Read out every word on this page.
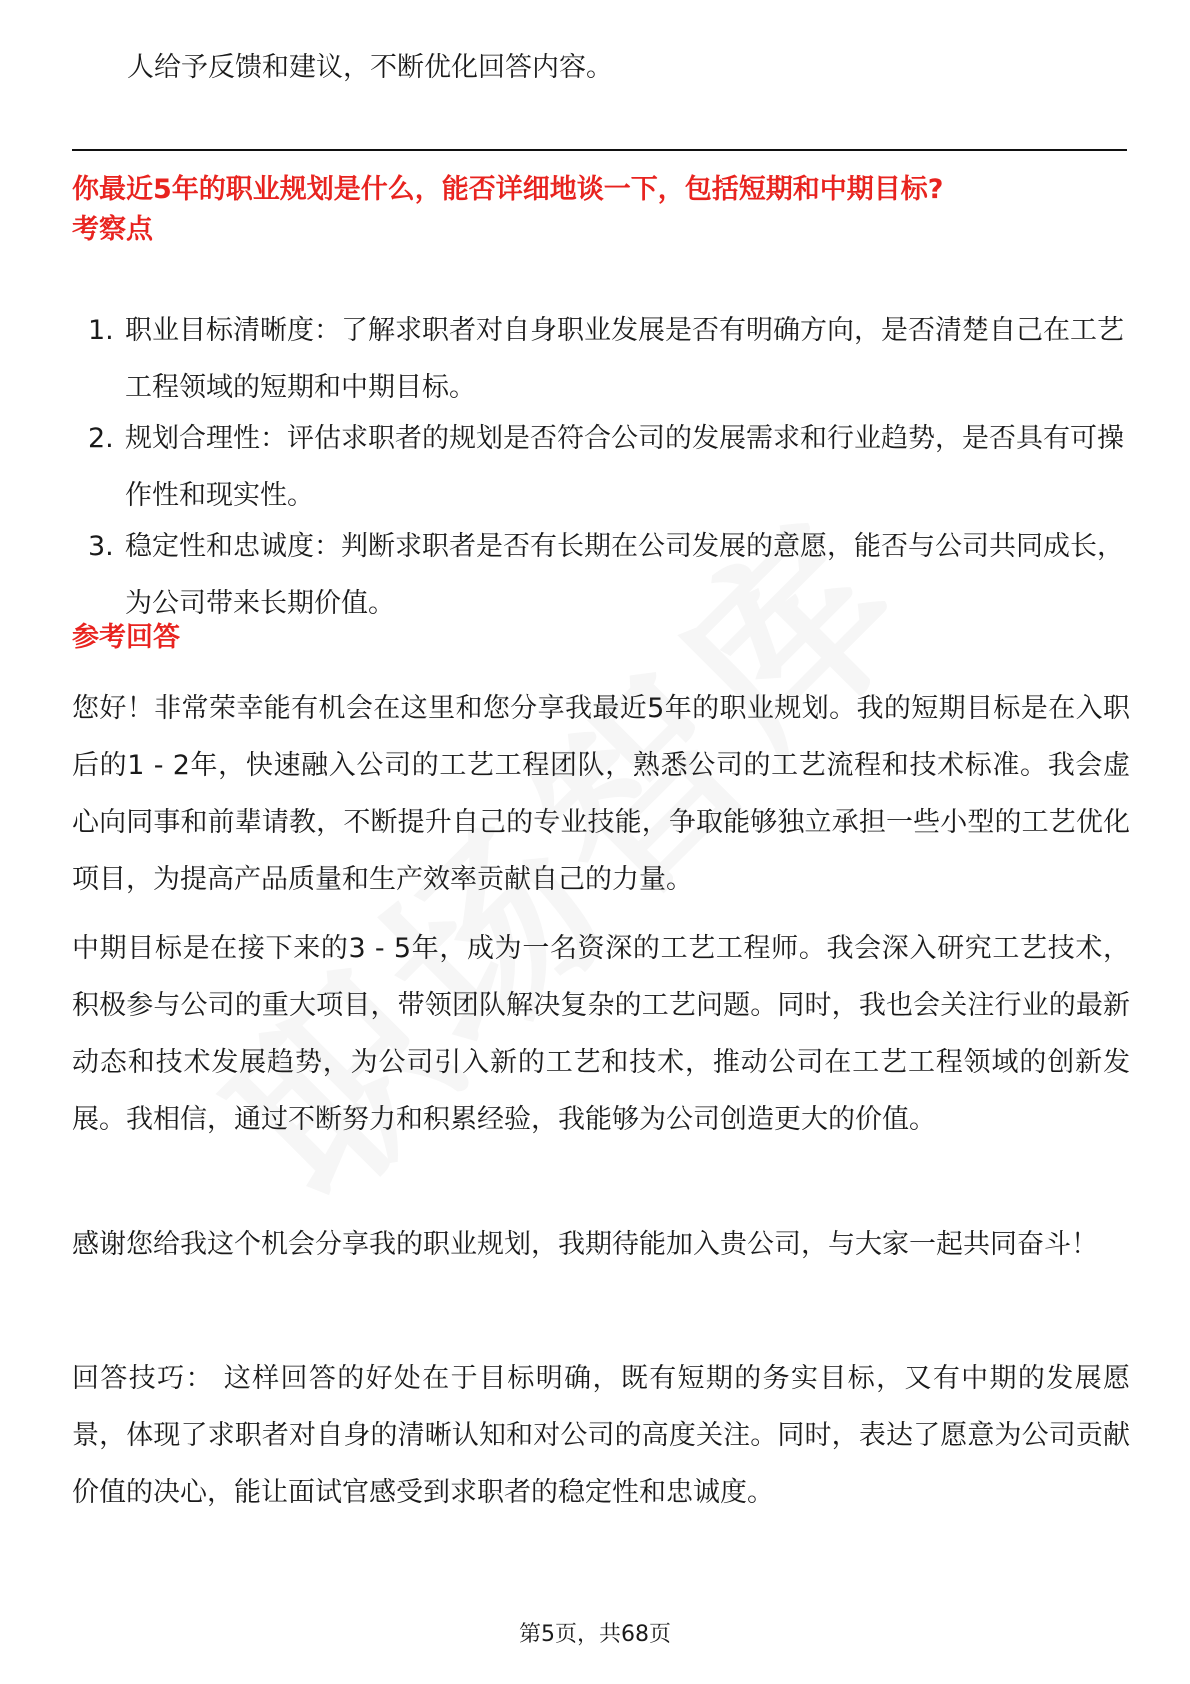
人给予反馈和建议，不断优化回答内容。

你最近5年的职业规划是什么，能否详细地谈一下，包括短期和中期目标?
考察点
1. 职业目标清晰度：了解求职者对自身职业发展是否有明确方向，是否清楚自己在工艺工程领域的短期和中期目标。
2. 规划合理性：评估求职者的规划是否符合公司的发展需求和行业趋势，是否具有可操作性和现实性。
3. 稳定性和忠诚度：判断求职者是否有长期在公司发展的意愿，能否与公司共同成长，为公司带来长期价值。
参考回答

您好！非常荣幸能有机会在这里和您分享我最近5年的职业规划。我的短期目标是在入职后的1 - 2年，快速融入公司的工艺工程团队，熟悉公司的工艺流程和技术标准。我会虚心向同事和前辈请教，不断提升自己的专业技能，争取能够独立承担一些小型的工艺优化项目，为提高产品质量和生产效率贡献自己的力量。

中期目标是在接下来的3 - 5年，成为一名资深的工艺工程师。我会深入研究工艺技术，积极参与公司的重大项目，带领团队解决复杂的工艺问题。同时，我也会关注行业的最新动态和技术发展趋势，为公司引入新的工艺和技术，推动公司在工艺工程领域的创新发展。我相信，通过不断努力和积累经验，我能够为公司创造更大的价值。

感谢您给我这个机会分享我的职业规划，我期待能加入贵公司，与大家一起共同奋斗！

回答技巧： 这样回答的好处在于目标明确，既有短期的务实目标，又有中期的发展愿景，体现了求职者对自身的清晰认知和对公司的高度关注。同时，表达了愿意为公司贡献价值的决心，能让面试官感受到求职者的稳定性和忠诚度。

第5页，共68页
